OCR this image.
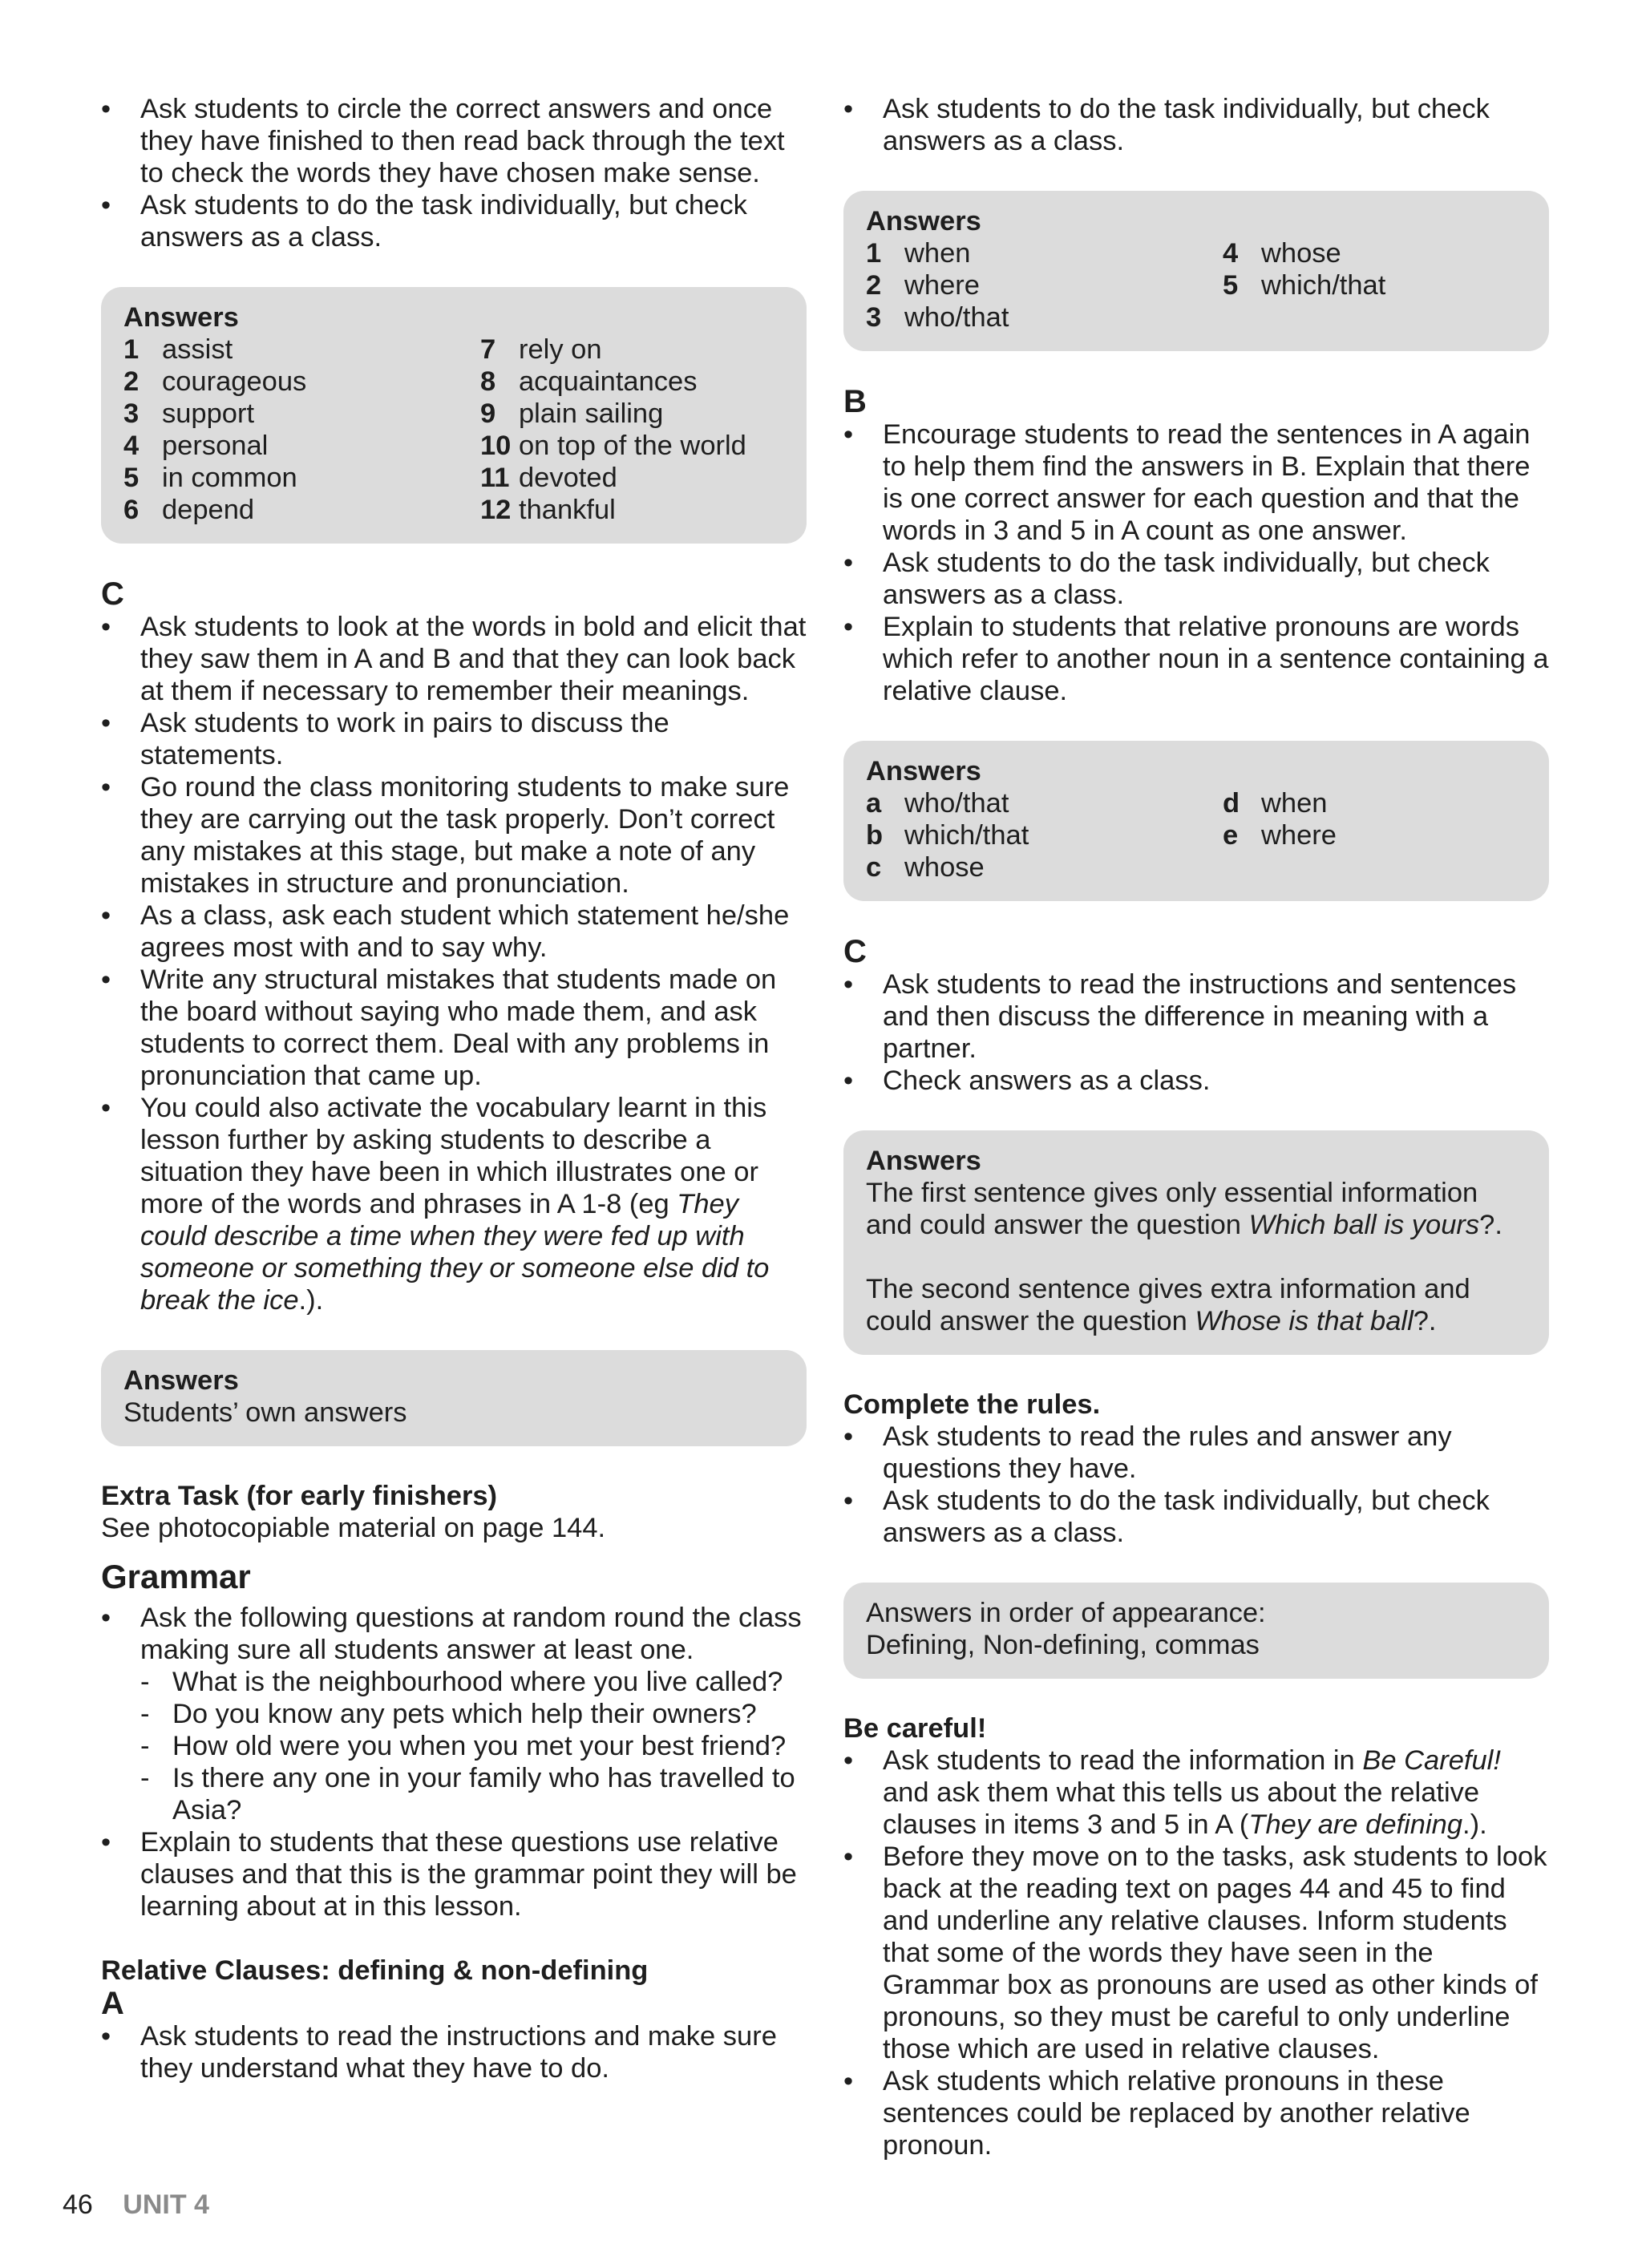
• Ask students to circle the correct answers and once they have finished to then read back through the text to check the words they have chosen make sense.
• Ask students to do the task individually, but check answers as a class.
Answers
1 assist
2 courageous
3 support
4 personal
5 in common
6 depend
7 rely on
8 acquaintances
9 plain sailing
10 on top of the world
11 devoted
12 thankful
C
• Ask students to look at the words in bold and elicit that they saw them in A and B and that they can look back at them if necessary to remember their meanings.
• Ask students to work in pairs to discuss the statements.
• Go round the class monitoring students to make sure they are carrying out the task properly. Don’t correct any mistakes at this stage, but make a note of any mistakes in structure and pronunciation.
• As a class, ask each student which statement he/she agrees most with and to say why.
• Write any structural mistakes that students made on the board without saying who made them, and ask students to correct them. Deal with any problems in pronunciation that came up.
• You could also activate the vocabulary learnt in this lesson further by asking students to describe a situation they have been in which illustrates one or more of the words and phrases in A 1-8 (eg They could describe a time when they were fed up with someone or something they or someone else did to break the ice.).
Answers
Students’ own answers
Extra Task (for early finishers)
See photocopiable material on page 144.
Grammar
• Ask the following questions at random round the class making sure all students answer at least one.
- What is the neighbourhood where you live called?
- Do you know any pets which help their owners?
- How old were you when you met your best friend?
- Is there any one in your family who has travelled to Asia?
• Explain to students that these questions use relative clauses and that this is the grammar point they will be learning about at in this lesson.
Relative Clauses: defining & non-defining
A
• Ask students to read the instructions and make sure they understand what they have to do.
• Ask students to do the task individually, but check answers as a class.
Answers
1 when
2 where
3 who/that
4 whose
5 which/that
B
• Encourage students to read the sentences in A again to help them find the answers in B. Explain that there is one correct answer for each question and that the words in 3 and 5 in A count as one answer.
• Ask students to do the task individually, but check answers as a class.
• Explain to students that relative pronouns are words which refer to another noun in a sentence containing a relative clause.
Answers
a who/that
b which/that
c whose
d when
e where
C
• Ask students to read the instructions and sentences and then discuss the difference in meaning with a partner.
• Check answers as a class.
Answers
The first sentence gives only essential information and could answer the question Which ball is yours?.
The second sentence gives extra information and could answer the question Whose is that ball?.
Complete the rules.
• Ask students to read the rules and answer any questions they have.
• Ask students to do the task individually, but check answers as a class.
Answers in order of appearance:
Defining, Non-defining, commas
Be careful!
• Ask students to read the information in Be Careful! and ask them what this tells us about the relative clauses in items 3 and 5 in A (They are defining.).
• Before they move on to the tasks, ask students to look back at the reading text on pages 44 and 45 to find and underline any relative clauses. Inform students that some of the words they have seen in the Grammar box as pronouns are used as other kinds of pronouns, so they must be careful to only underline those which are used in relative clauses.
• Ask students which relative pronouns in these sentences could be replaced by another relative pronoun.
46 UNIT 4
